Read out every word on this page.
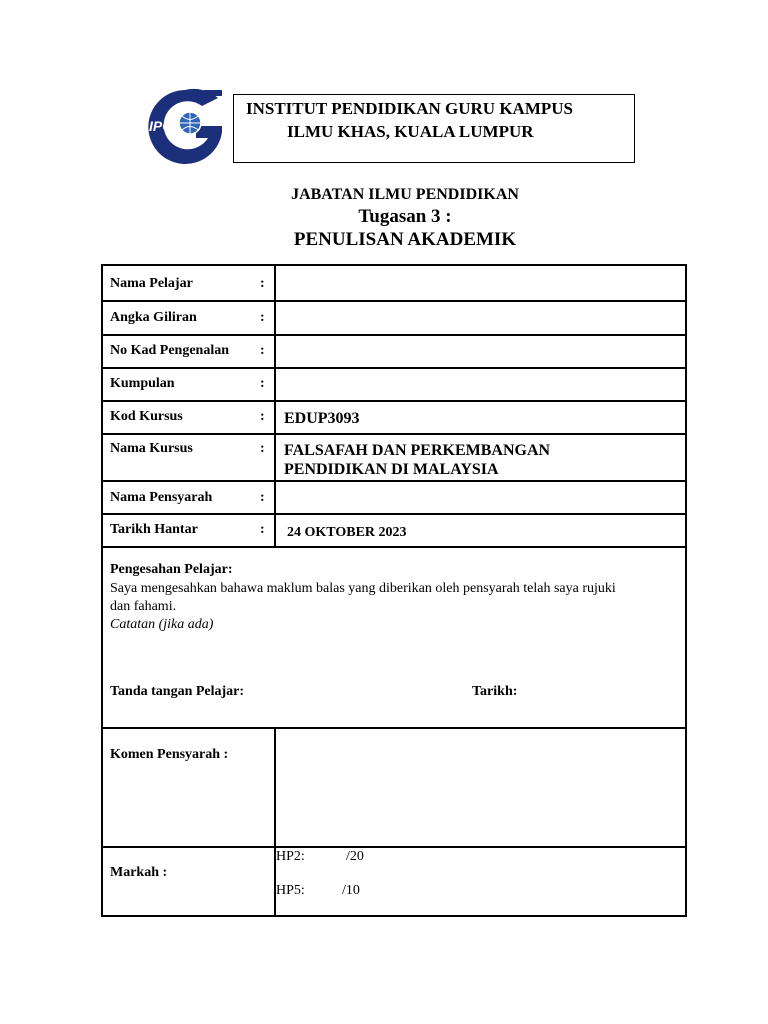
IPG
INSTITUT PENDIDIKAN GURU KAMPUS
ILMU KHAS, KUALA LUMPUR
JABATAN ILMU PENDIDIKAN
Tugasan 3 :
PENULISAN AKADEMIK
Nama Pelajar	:
Angka Giliran	:
No Kad Pengenalan :
Kumpulan	:
Kod Kursus	: EDUP3093
Nama Kursus	: FALSAFAH DAN PERKEMBANGAN
PENDIDIKAN DI MALAYSIA
Nama Pensyarah	:
Tarikh Hantar	: 24 OKTOBER 2023
Pengesahan Pelajar:
Saya mengesahkan bahawa maklum balas yang diberikan oleh pensyarah telah saya rujuki
dan fahami.
Catatan (jika ada)
Tanda tangan Pelajar:	Tarikh:
Komen Pensyarah :
Markah :
HP2:	/20
HP5:	/10
